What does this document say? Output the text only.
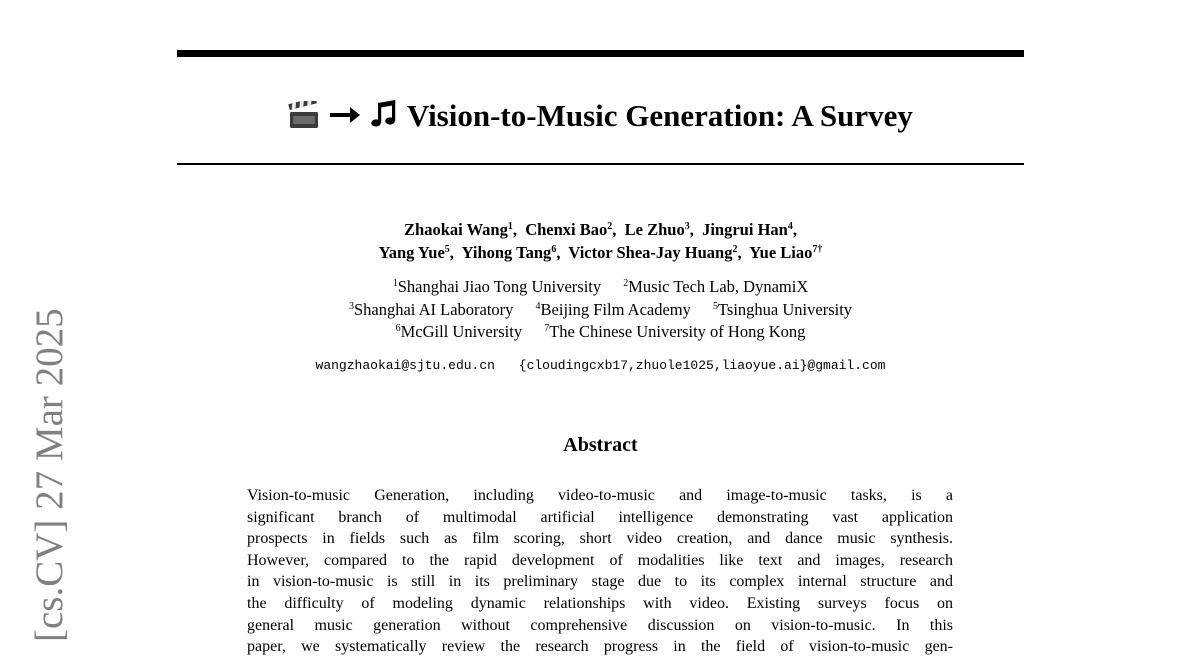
Vision-to-Music Generation: A Survey
Zhaokai Wang$^1$,  Chenxi Bao$^2$,  Le Zhuo$^3$,  Jingrui Han$^4$,
Yang Yue$^5$,  Yihong Tang$^6$,  Victor Shea-Jay Huang$^2$,  Yue Liao$^{7\dagger}$
$^1$Shanghai Jiao Tong University $^2$Music Tech Lab, DynamiX
$^3$Shanghai AI Laboratory $^4$Beijing Film Academy $^5$Tsinghua University
$^6$McGill University $^7$The Chinese University of Hong Kong
wangzhaokai@sjtu.edu.cn {cloudingcxb17,zhuole1025,liaoyue.ai}@gmail.com
Abstract
Vision-to-music Generation, including video-to-music and image-to-music tasks, is a
significant branch of multimodal artificial intelligence demonstrating vast application
prospects in fields such as film scoring, short video creation, and dance music synthesis.
However, compared to the rapid development of modalities like text and images, research
in vision-to-music is still in its preliminary stage due to its complex internal structure and
the difficulty of modeling dynamic relationships with video. Existing surveys focus on
general music generation without comprehensive discussion on vision-to-music. In this
paper, we systematically review the research progress in the field of vision-to-music gen-
[cs.CV] 27 Mar 2025
